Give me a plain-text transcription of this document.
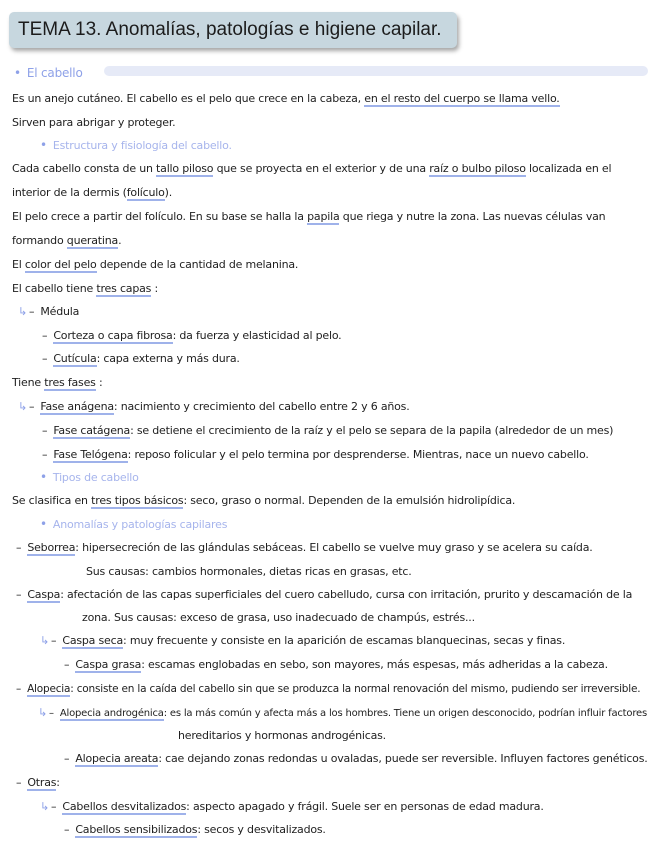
TEMA 13. Anomalías, patologías e higiene capilar.
• El cabello
Es un anejo cutáneo. El cabello es el pelo que crece en la cabeza, en el resto del cuerpo se llama vello.
Sirven para abrigar y proteger.
• Estructura y fisiología del cabello.
Cada cabello consta de un tallo piloso que se proyecta en el exterior y de una raíz o bulbo piloso localizada en el
interior de la dermis (folículo).
El pelo crece a partir del folículo. En su base se halla la papila que riega y nutre la zona. Las nuevas células van
formando queratina.
El color del pelo depende de la cantidad de melanina.
El cabello tiene tres capas :
↳ – Médula
– Corteza o capa fibrosa: da fuerza y elasticidad al pelo.
– Cutícula: capa externa y más dura.
Tiene tres fases :
↳ – Fase anágena: nacimiento y crecimiento del cabello entre 2 y 6 años.
– Fase catágena: se detiene el crecimiento de la raíz y el pelo se separa de la papila (alrededor de un mes)
– Fase Telógena: reposo folicular y el pelo termina por desprenderse. Mientras, nace un nuevo cabello.
• Tipos de cabello
Se clasifica en tres tipos básicos: seco, graso o normal. Dependen de la emulsión hidrolipídica.
• Anomalías y patologías capilares
– Seborrea: hipersecreción de las glándulas sebáceas. El cabello se vuelve muy graso y se acelera su caída.
Sus causas: cambios hormonales, dietas ricas en grasas, etc.
– Caspa: afectación de las capas superficiales del cuero cabelludo, cursa con irritación, prurito y descamación de la
zona. Sus causas: exceso de grasa, uso inadecuado de champús, estrés...
↳ – Caspa seca: muy frecuente y consiste en la aparición de escamas blanquecinas, secas y finas.
– Caspa grasa: escamas englobadas en sebo, son mayores, más espesas, más adheridas a la cabeza.
– Alopecia: consiste en la caída del cabello sin que se produzca la normal renovación del mismo, pudiendo ser irreversible.
↳ – Alopecia androgénica: es la más común y afecta más a los hombres. Tiene un origen desconocido, podrían influir factores
hereditarios y hormonas androgénicas.
– Alopecia areata: cae dejando zonas redondas u ovaladas, puede ser reversible. Influyen factores genéticos.
– Otras:
↳ – Cabellos desvitalizados: aspecto apagado y frágil. Suele ser en personas de edad madura.
– Cabellos sensibilizados: secos y desvitalizados.
